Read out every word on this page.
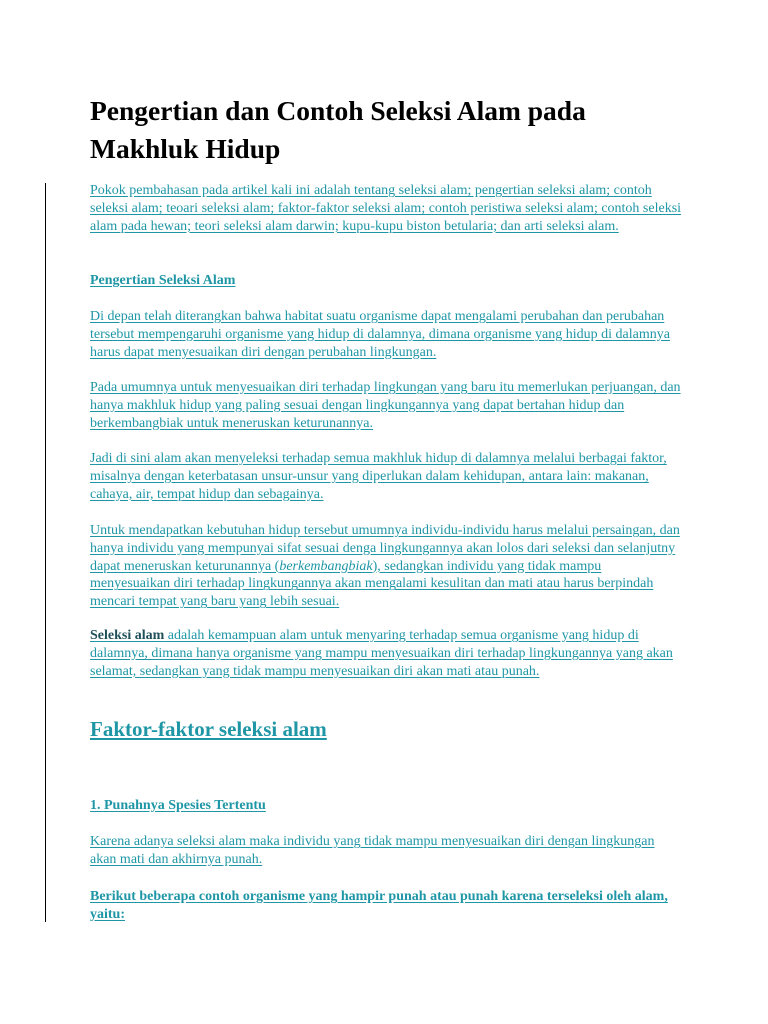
Pengertian dan Contoh Seleksi Alam pada Makhluk Hidup

Pokok pembahasan pada artikel kali ini adalah tentang seleksi alam; pengertian seleksi alam; contoh seleksi alam; teoari seleksi alam; faktor-faktor seleksi alam; contoh peristiwa seleksi alam; contoh seleksi alam pada hewan; teori seleksi alam darwin; kupu-kupu biston betularia; dan arti seleksi alam.

Pengertian Seleksi Alam

Di depan telah diterangkan bahwa habitat suatu organisme dapat mengalami perubahan dan perubahan tersebut mempengaruhi organisme yang hidup di dalamnya, dimana organisme yang hidup di dalamnya harus dapat menyesuaikan diri dengan perubahan lingkungan.

Pada umumnya untuk menyesuaikan diri terhadap lingkungan yang baru itu memerlukan perjuangan, dan hanya makhluk hidup yang paling sesuai dengan lingkungannya yang dapat bertahan hidup dan berkembangbiak untuk meneruskan keturunannya.

Jadi di sini alam akan menyeleksi terhadap semua makhluk hidup di dalamnya melalui berbagai faktor, misalnya dengan keterbatasan unsur-unsur yang diperlukan dalam kehidupan, antara lain: makanan, cahaya, air, tempat hidup dan sebagainya.

Untuk mendapatkan kebutuhan hidup tersebut umumnya individu-individu harus melalui persaingan, dan hanya individu yang mempunyai sifat sesuai denga lingkungannya akan lolos dari seleksi dan selanjutny dapat meneruskan keturunannya (berkembangbiak), sedangkan individu yang tidak mampu menyesuaikan diri terhadap lingkungannya akan mengalami kesulitan dan mati atau harus berpindah mencari tempat yang baru yang lebih sesuai.

Seleksi alam adalah kemampuan alam untuk menyaring terhadap semua organisme yang hidup di dalamnya, dimana hanya organisme yang mampu menyesuaikan diri terhadap lingkungannya yang akan selamat, sedangkan yang tidak mampu menyesuaikan diri akan mati atau punah.

Faktor-faktor seleksi alam

1. Punahnya Spesies Tertentu

Karena adanya seleksi alam maka individu yang tidak mampu menyesuaikan diri dengan lingkungan akan mati dan akhirnya punah.

Berikut beberapa contoh organisme yang hampir punah atau punah karena terseleksi oleh alam, yaitu:
